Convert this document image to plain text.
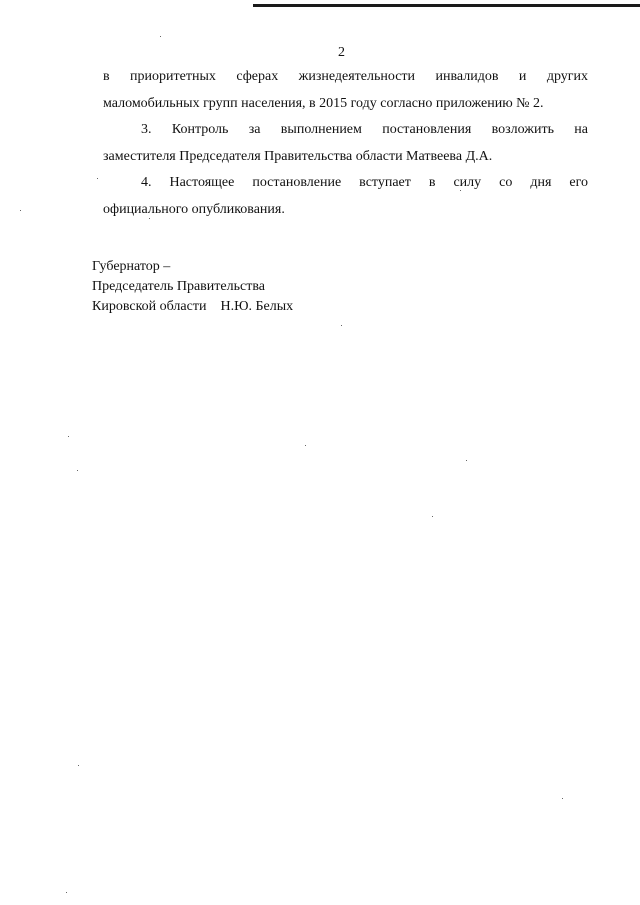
2
в приоритетных сферах жизнедеятельности инвалидов и других
маломобильных групп населения, в 2015 году согласно приложению № 2.
3. Контроль за выполнением постановления возложить на
заместителя Председателя Правительства области Матвеева Д.А.
4. Настоящее постановление вступает в силу со дня его
официального опубликования.
Губернатор –
Председатель Правительства
Кировской области Н.Ю. Белых
